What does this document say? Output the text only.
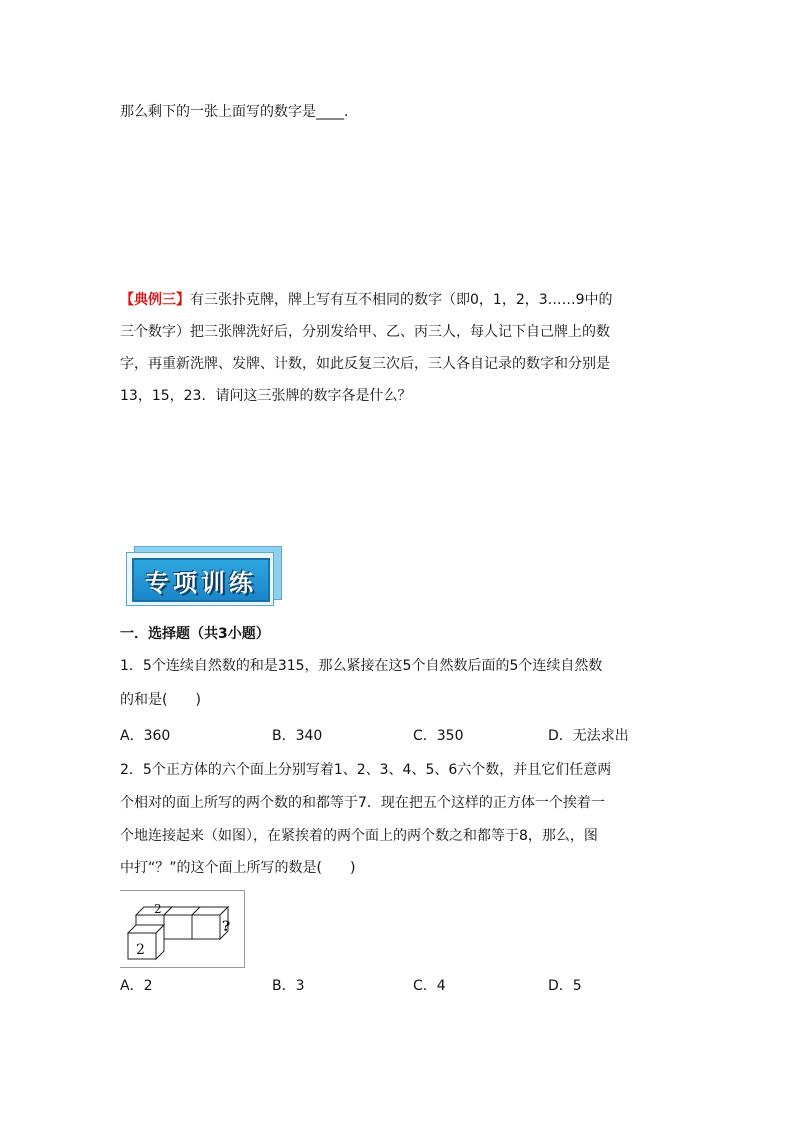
那么剩下的一张上面写的数字是____.
【典例三】有三张扑克牌，牌上写有互不相同的数字（即0，1，2，3……9中的
三个数字）把三张牌洗好后，分别发给甲、乙、丙三人，每人记下自己牌上的数
字，再重新洗牌、发牌、计数，如此反复三次后，三人各自记录的数字和分别是
13，15，23．请问这三张牌的数字各是什么？
专项训练
一．选择题（共3小题）
1．5个连续自然数的和是315，那么紧接在这5个自然数后面的5个连续自然数
的和是(　　)
A．360	B．340	C．350	D．无法求出
2．5个正方体的六个面上分别写着1、2、3、4、5、6六个数，并且它们任意两
个相对的面上所写的两个数的和都等于7．现在把五个这样的正方体一个挨着一
个地连接起来（如图），在紧挨着的两个面上的两个数之和都等于8，那么，图
中打“？”的这个面上所写的数是(　　)
2
2
?
A．2	B．3	C．4	D．5
